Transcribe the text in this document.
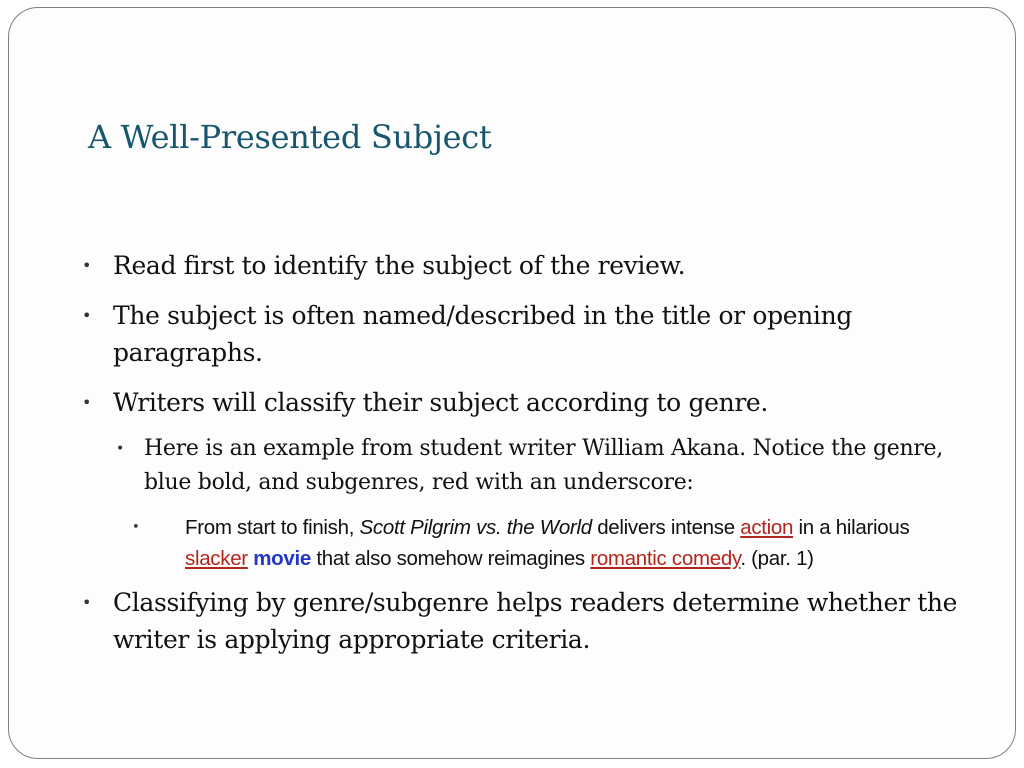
A Well-Presented Subject

• Read first to identify the subject of the review.

• The subject is often named/described in the title or opening paragraphs.

• Writers will classify their subject according to genre.

• Here is an example from student writer William Akana. Notice the genre, blue bold, and subgenres, red with an underscore:

• From start to finish, Scott Pilgrim vs. the World delivers intense action in a hilarious slacker movie that also somehow reimagines romantic comedy. (par. 1)

• Classifying by genre/subgenre helps readers determine whether the writer is applying appropriate criteria.
